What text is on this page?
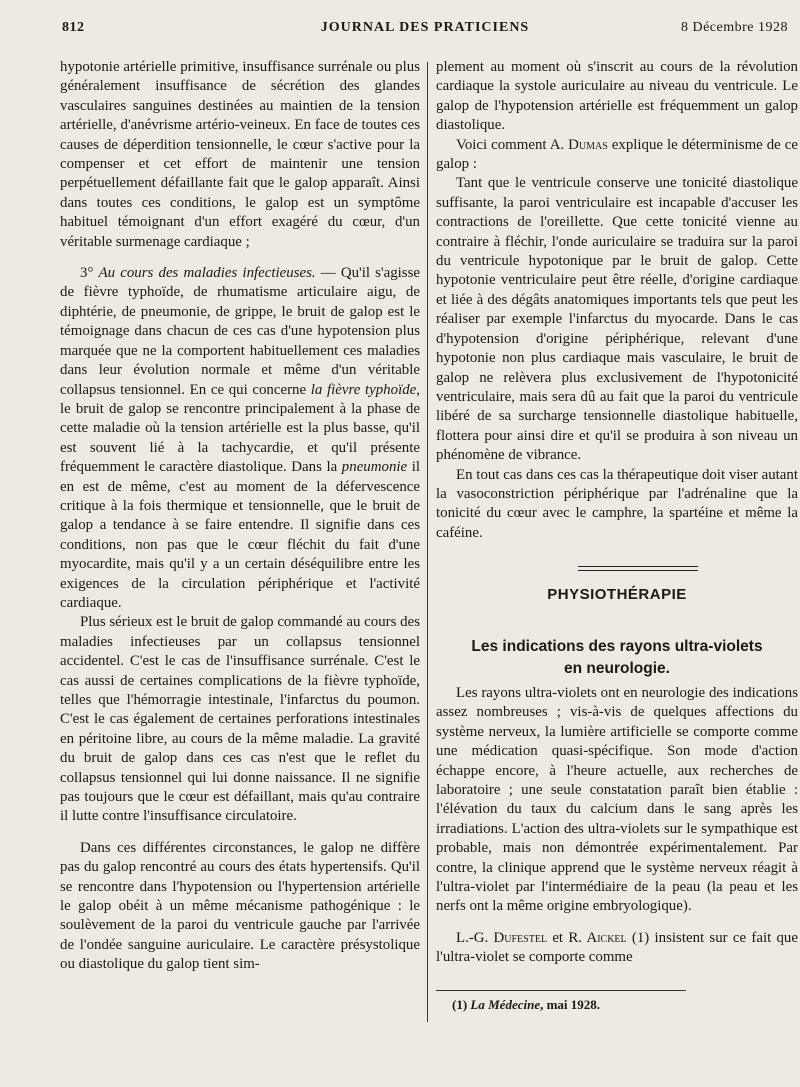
812	JOURNAL DES PRATICIENS	8 Décembre 1928

hypotonie artérielle primitive, insuffisance surrénale ou plus généralement insuffisance de sécrétion des glandes vasculaires sanguines destinées au maintien de la tension artérielle, d'anévrisme artério-veineux. En face de toutes ces causes de déperdition tensionnelle, le cœur s'active pour la compenser et cet effort de maintenir une tension perpétuellement défaillante fait que le galop apparaît. Ainsi dans toutes ces conditions, le galop est un symptôme habituel témoignant d'un effort exagéré du cœur, d'un véritable surmenage cardiaque ;

3° Au cours des maladies infectieuses. — Qu'il s'agisse de fièvre typhoïde, de rhumatisme articulaire aigu, de diphtérie, de pneumonie, de grippe, le bruit de galop est le témoignage dans chacun de ces cas d'une hypotension plus marquée que ne la comportent habituellement ces maladies dans leur évolution normale et même d'un véritable collapsus tensionnel. En ce qui concerne la fièvre typhoïde, le bruit de galop se rencontre principalement à la phase de cette maladie où la tension artérielle est la plus basse, qu'il est souvent lié à la tachycardie, et qu'il présente fréquemment le caractère diastolique. Dans la pneumonie il en est de même, c'est au moment de la défervescence critique à la fois thermique et tensionnelle, que le bruit de galop a tendance à se faire entendre. Il signifie dans ces conditions, non pas que le cœur fléchit du fait d'une myocardite, mais qu'il y a un certain déséquilibre entre les exigences de la circulation périphérique et l'activité cardiaque.

Plus sérieux est le bruit de galop commandé au cours des maladies infectieuses par un collapsus tensionnel accidentel. C'est le cas de l'insuffisance surrénale. C'est le cas aussi de certaines complications de la fièvre typhoïde, telles que l'hémorragie intestinale, l'infarctus du poumon. C'est le cas également de certaines perforations intestinales en péritoine libre, au cours de la même maladie. La gravité du bruit de galop dans ces cas n'est que le reflet du collapsus tensionnel qui lui donne naissance. Il ne signifie pas toujours que le cœur est défaillant, mais qu'au contraire il lutte contre l'insuffisance circulatoire.

Dans ces différentes circonstances, le galop ne diffère pas du galop rencontré au cours des états hypertensifs. Qu'il se rencontre dans l'hypotension ou l'hypertension artérielle le galop obéit à un même mécanisme pathogénique : le soulèvement de la paroi du ventricule gauche par l'arrivée de l'ondée sanguine auriculaire. Le caractère présystolique ou diastolique du galop tient sim-

plement au moment où s'inscrit au cours de la révolution cardiaque la systole auriculaire au niveau du ventricule. Le galop de l'hypotension artérielle est fréquemment un galop diastolique.

Voici comment A. Dumas explique le déterminisme de ce galop :

Tant que le ventricule conserve une tonicité diastolique suffisante, la paroi ventriculaire est incapable d'accuser les contractions de l'oreillette. Que cette tonicité vienne au contraire à fléchir, l'onde auriculaire se traduira sur la paroi du ventricule hypotonique par le bruit de galop. Cette hypotonie ventriculaire peut être réelle, d'origine cardiaque et liée à des dégâts anatomiques importants tels que peut les réaliser par exemple l'infarctus du myocarde. Dans le cas d'hypotension d'origine périphérique, relevant d'une hypotonie non plus cardiaque mais vasculaire, le bruit de galop ne relèvera plus exclusivement de l'hypotonicité ventriculaire, mais sera dû au fait que la paroi du ventricule libéré de sa surcharge tensionnelle diastolique habituelle, flottera pour ainsi dire et qu'il se produira à son niveau un phénomène de vibrance.

En tout cas dans ces cas la thérapeutique doit viser autant la vasoconstriction périphérique par l'adrénaline que la tonicité du cœur avec le camphre, la spartéine et même la caféine.

PHYSIOTHÉRAPIE
Les indications des rayons ultra-violets
en neurologie.

Les rayons ultra-violets ont en neurologie des indications assez nombreuses ; vis-à-vis de quelques affections du système nerveux, la lumière artificielle se comporte comme une médication quasi-spécifique. Son mode d'action échappe encore, à l'heure actuelle, aux recherches de laboratoire ; une seule constatation paraît bien établie : l'élévation du taux du calcium dans le sang après les irradiations. L'action des ultra-violets sur le sympathique est probable, mais non démontrée expérimentalement. Par contre, la clinique apprend que le système nerveux réagit à l'ultra-violet par l'intermédiaire de la peau (la peau et les nerfs ont la même origine embryologique).

L.-G. Dufestel et R. Aickel (1) insistent sur ce fait que l'ultra-violet se comporte comme

(1) La Médecine, mai 1928.
